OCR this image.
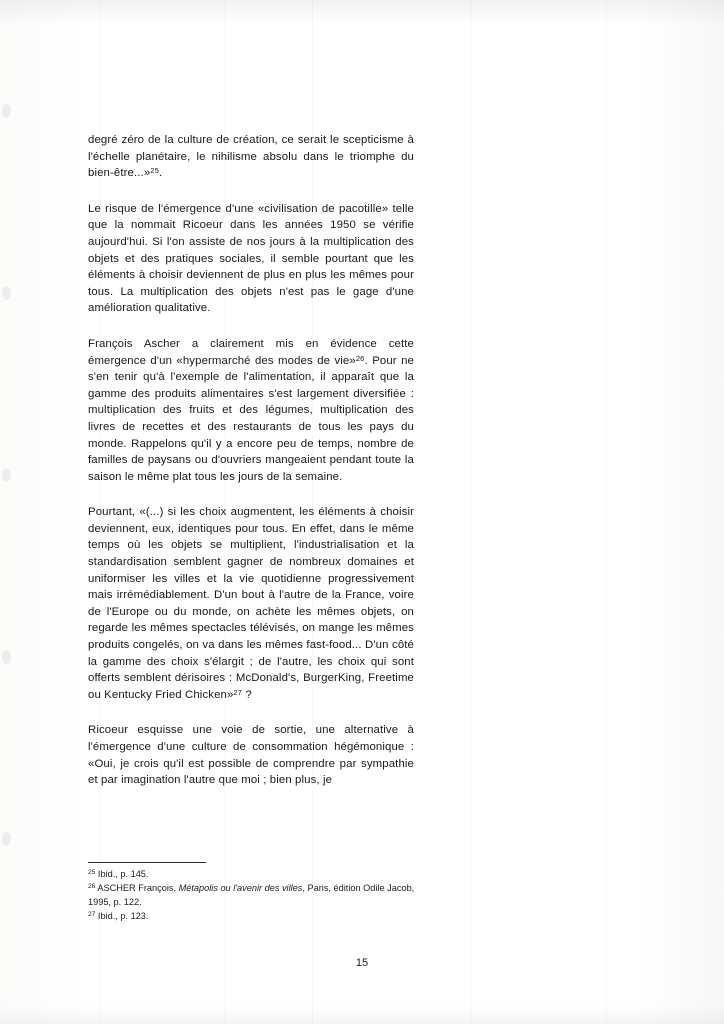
degré zéro de la culture de création, ce serait le scepticisme à l'échelle planétaire, le nihilisme absolu dans le triomphe du bien-être...»$^{25}$.

Le risque de l'émergence d'une «civilisation de pacotille» telle que la nommait Ricoeur dans les années 1950 se vérifie aujourd'hui. Si l'on assiste de nos jours à la multiplication des objets et des pratiques sociales, il semble pourtant que les éléments à choisir deviennent de plus en plus les mêmes pour tous. La multiplication des objets n'est pas le gage d'une amélioration qualitative.

François Ascher a clairement mis en évidence cette émergence d'un «hypermarché des modes de vie»$^{26}$. Pour ne s'en tenir qu'à l'exemple de l'alimentation, il apparaît que la gamme des produits alimentaires s'est largement diversifiée : multiplication des fruits et des légumes, multiplication des livres de recettes et des restaurants de tous les pays du monde. Rappelons qu'il y a encore peu de temps, nombre de familles de paysans ou d'ouvriers mangeaient pendant toute la saison le même plat tous les jours de la semaine.

Pourtant, «(...) si les choix augmentent, les éléments à choisir deviennent, eux, identiques pour tous. En effet, dans le même temps où les objets se multiplient, l'industrialisation et la standardisation semblent gagner de nombreux domaines et uniformiser les villes et la vie quotidienne progressivement mais irrémédiablement. D'un bout à l'autre de la France, voire de l'Europe ou du monde, on achète les mêmes objets, on regarde les mêmes spectacles télévisés, on mange les mêmes produits congelés, on va dans les mêmes fast-food... D'un côté la gamme des choix s'élargit ; de l'autre, les choix qui sont offerts semblent dérisoires : McDonald's, BurgerKing, Freetime ou Kentucky Fried Chicken»$^{27}$ ?

Ricoeur esquisse une voie de sortie, une alternative à l'émergence d'une culture de consommation hégémonique : «Oui, je crois qu'il est possible de comprendre par sympathie et par imagination l'autre que moi ; bien plus, je

$^{25}$ Ibid., p. 145.

$^{26}$ ASCHER François, Métapolis ou l'avenir des villes, Paris, édition Odile Jacob, 1995, p. 122.

$^{27}$ Ibid., p. 123.

15
